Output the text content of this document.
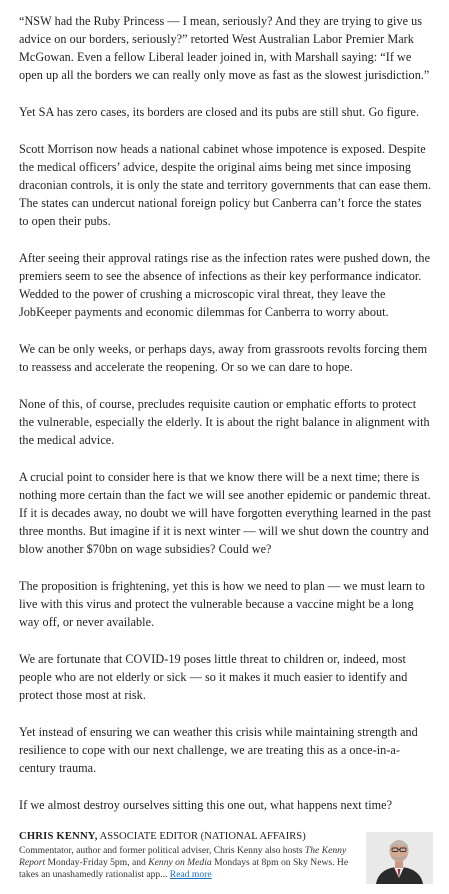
“NSW had the Ruby Princess — I mean, seriously? And they are trying to give us advice on our borders, seriously?” retorted West Australian Labor Premier Mark McGowan. Even a fellow Liberal leader joined in, with Marshall saying: “If we open up all the borders we can really only move as fast as the slowest jurisdiction.”

Yet SA has zero cases, its borders are closed and its pubs are still shut. Go figure.

Scott Morrison now heads a national cabinet whose impotence is exposed. Despite the medical officers’ advice, despite the original aims being met since imposing draconian controls, it is only the state and territory governments that can ease them. The states can undercut national foreign policy but Canberra can’t force the states to open their pubs.

After seeing their approval ratings rise as the infection rates were pushed down, the premiers seem to see the absence of infections as their key performance indicator. Wedded to the power of crushing a microscopic viral threat, they leave the JobKeeper payments and economic dilemmas for Canberra to worry about.

We can be only weeks, or perhaps days, away from grassroots revolts forcing them to reassess and accelerate the reopening. Or so we can dare to hope.

None of this, of course, precludes requisite caution or emphatic efforts to protect the vulnerable, especially the elderly. It is about the right balance in alignment with the medical advice.

A crucial point to consider here is that we know there will be a next time; there is nothing more certain than the fact we will see another epidemic or pandemic threat. If it is decades away, no doubt we will have forgotten everything learned in the past three months. But imagine if it is next winter — will we shut down the country and blow another $70bn on wage subsidies? Could we?

The proposition is frightening, yet this is how we need to plan — we must learn to live with this virus and protect the vulnerable because a vaccine might be a long way off, or never available.

We are fortunate that COVID-19 poses little threat to children or, indeed, most people who are not elderly or sick — so it makes it much easier to identify and protect those most at risk.

Yet instead of ensuring we can weather this crisis while maintaining strength and resilience to cope with our next challenge, we are treating this as a once-in-a-century trauma.

If we almost destroy ourselves sitting this one out, what happens next time?

CHRIS KENNY, ASSOCIATE EDITOR (NATIONAL AFFAIRS)

Commentator, author and former political adviser, Chris Kenny also hosts The Kenny Report Monday-Friday 5pm, and Kenny on Media Mondays at 8pm on Sky News. He takes an unashamedly rationalist app... Read more
